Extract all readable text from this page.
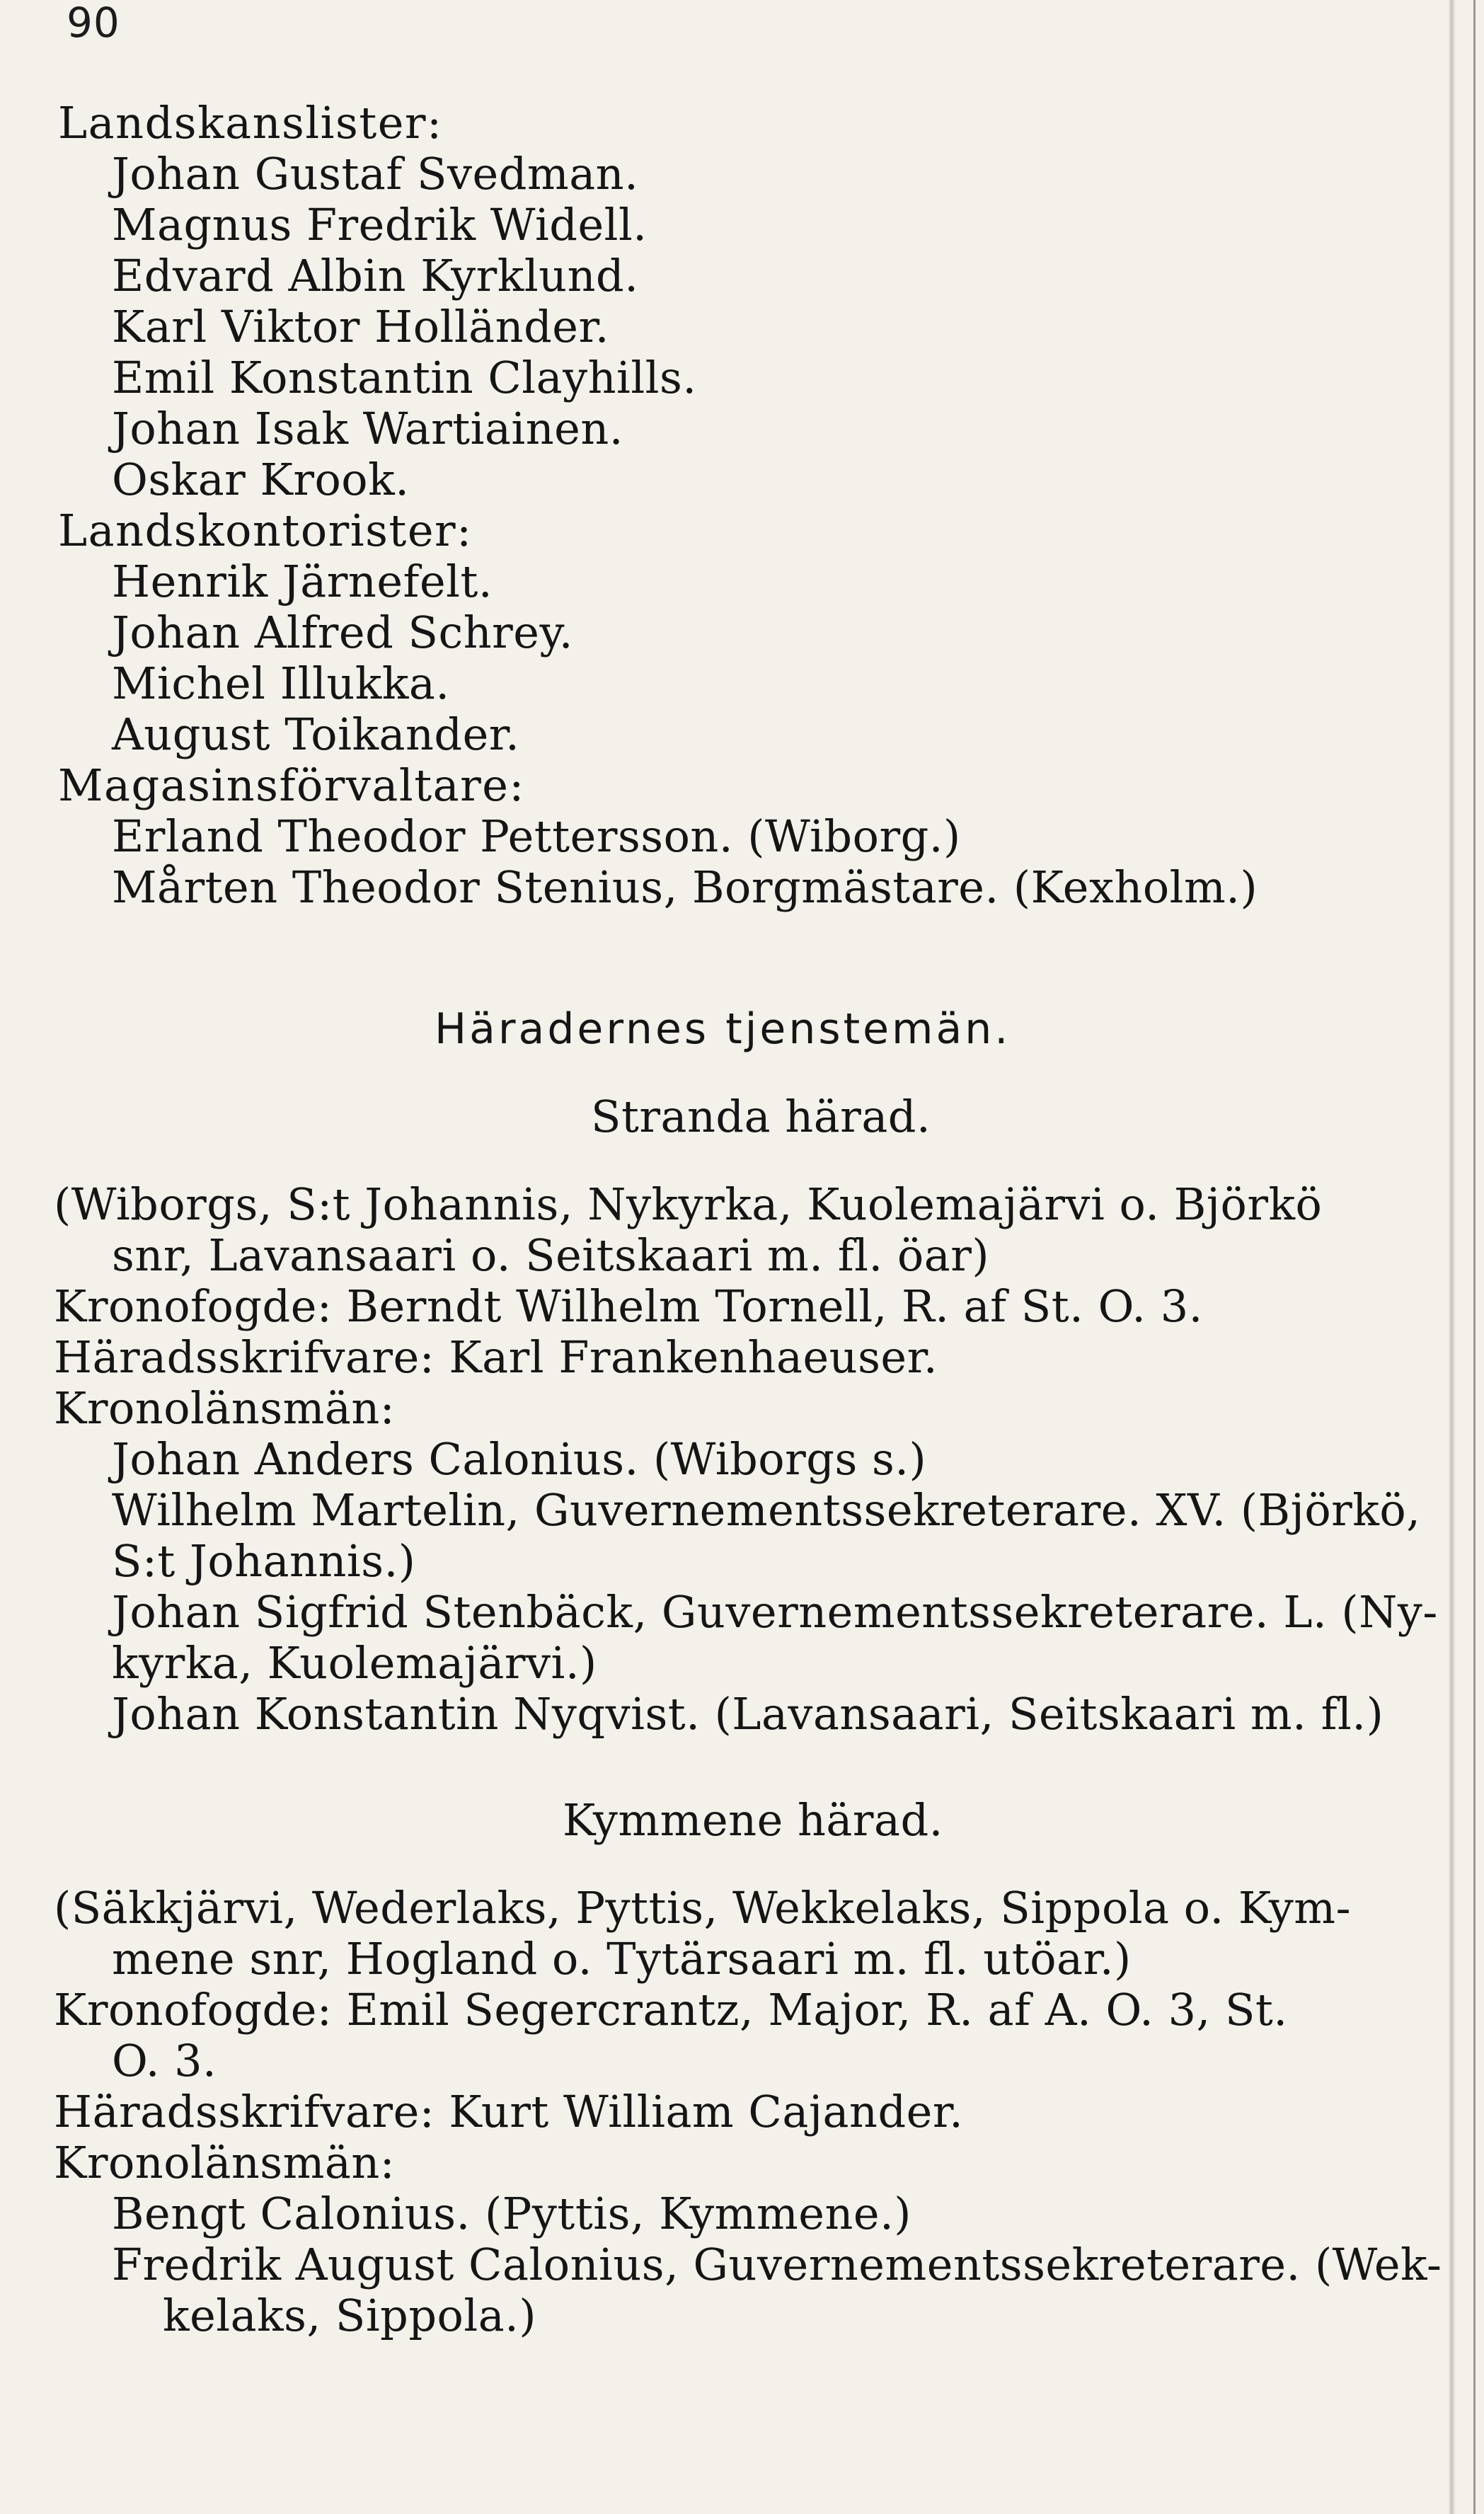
90
Landskanslister:
Johan Gustaf Svedman.
Magnus Fredrik Widell.
Edvard Albin Kyrklund.
Karl Viktor Holländer.
Emil Konstantin Clayhills.
Johan Isak Wartiainen.
Oskar Krook.
Landskontorister:
Henrik Järnefelt.
Johan Alfred Schrey.
Michel Illukka.
August Toikander.
Magasinsförvaltare:
Erland Theodor Pettersson. (Wiborg.)
Mårten Theodor Stenius, Borgmästare. (Kexholm.)
Häradernes tjenstemän.
Stranda härad.
(Wiborgs, S:t Johannis, Nykyrka, Kuolemajärvi o. Björkö
snr, Lavansaari o. Seitskaari m. fl. öar)
Kronofogde: Berndt Wilhelm Tornell, R. af St. O. 3.
Häradsskrifvare: Karl Frankenhaeuser.
Kronolänsmän:
Johan Anders Calonius. (Wiborgs s.)
Wilhelm Martelin, Guvernementssekreterare. XV. (Björkö,
S:t Johannis.)
Johan Sigfrid Stenbäck, Guvernementssekreterare. L. (Ny-
kyrka, Kuolemajärvi.)
Johan Konstantin Nyqvist. (Lavansaari, Seitskaari m. fl.)
Kymmene härad.
(Säkkjärvi, Wederlaks, Pyttis, Wekkelaks, Sippola o. Kym-
mene snr, Hogland o. Tytärsaari m. fl. utöar.)
Kronofogde: Emil Segercrantz, Major, R. af A. O. 3, St.
O. 3.
Häradsskrifvare: Kurt William Cajander.
Kronolänsmän:
Bengt Calonius. (Pyttis, Kymmene.)
Fredrik August Calonius, Guvernementssekreterare. (Wek-
kelaks, Sippola.)
